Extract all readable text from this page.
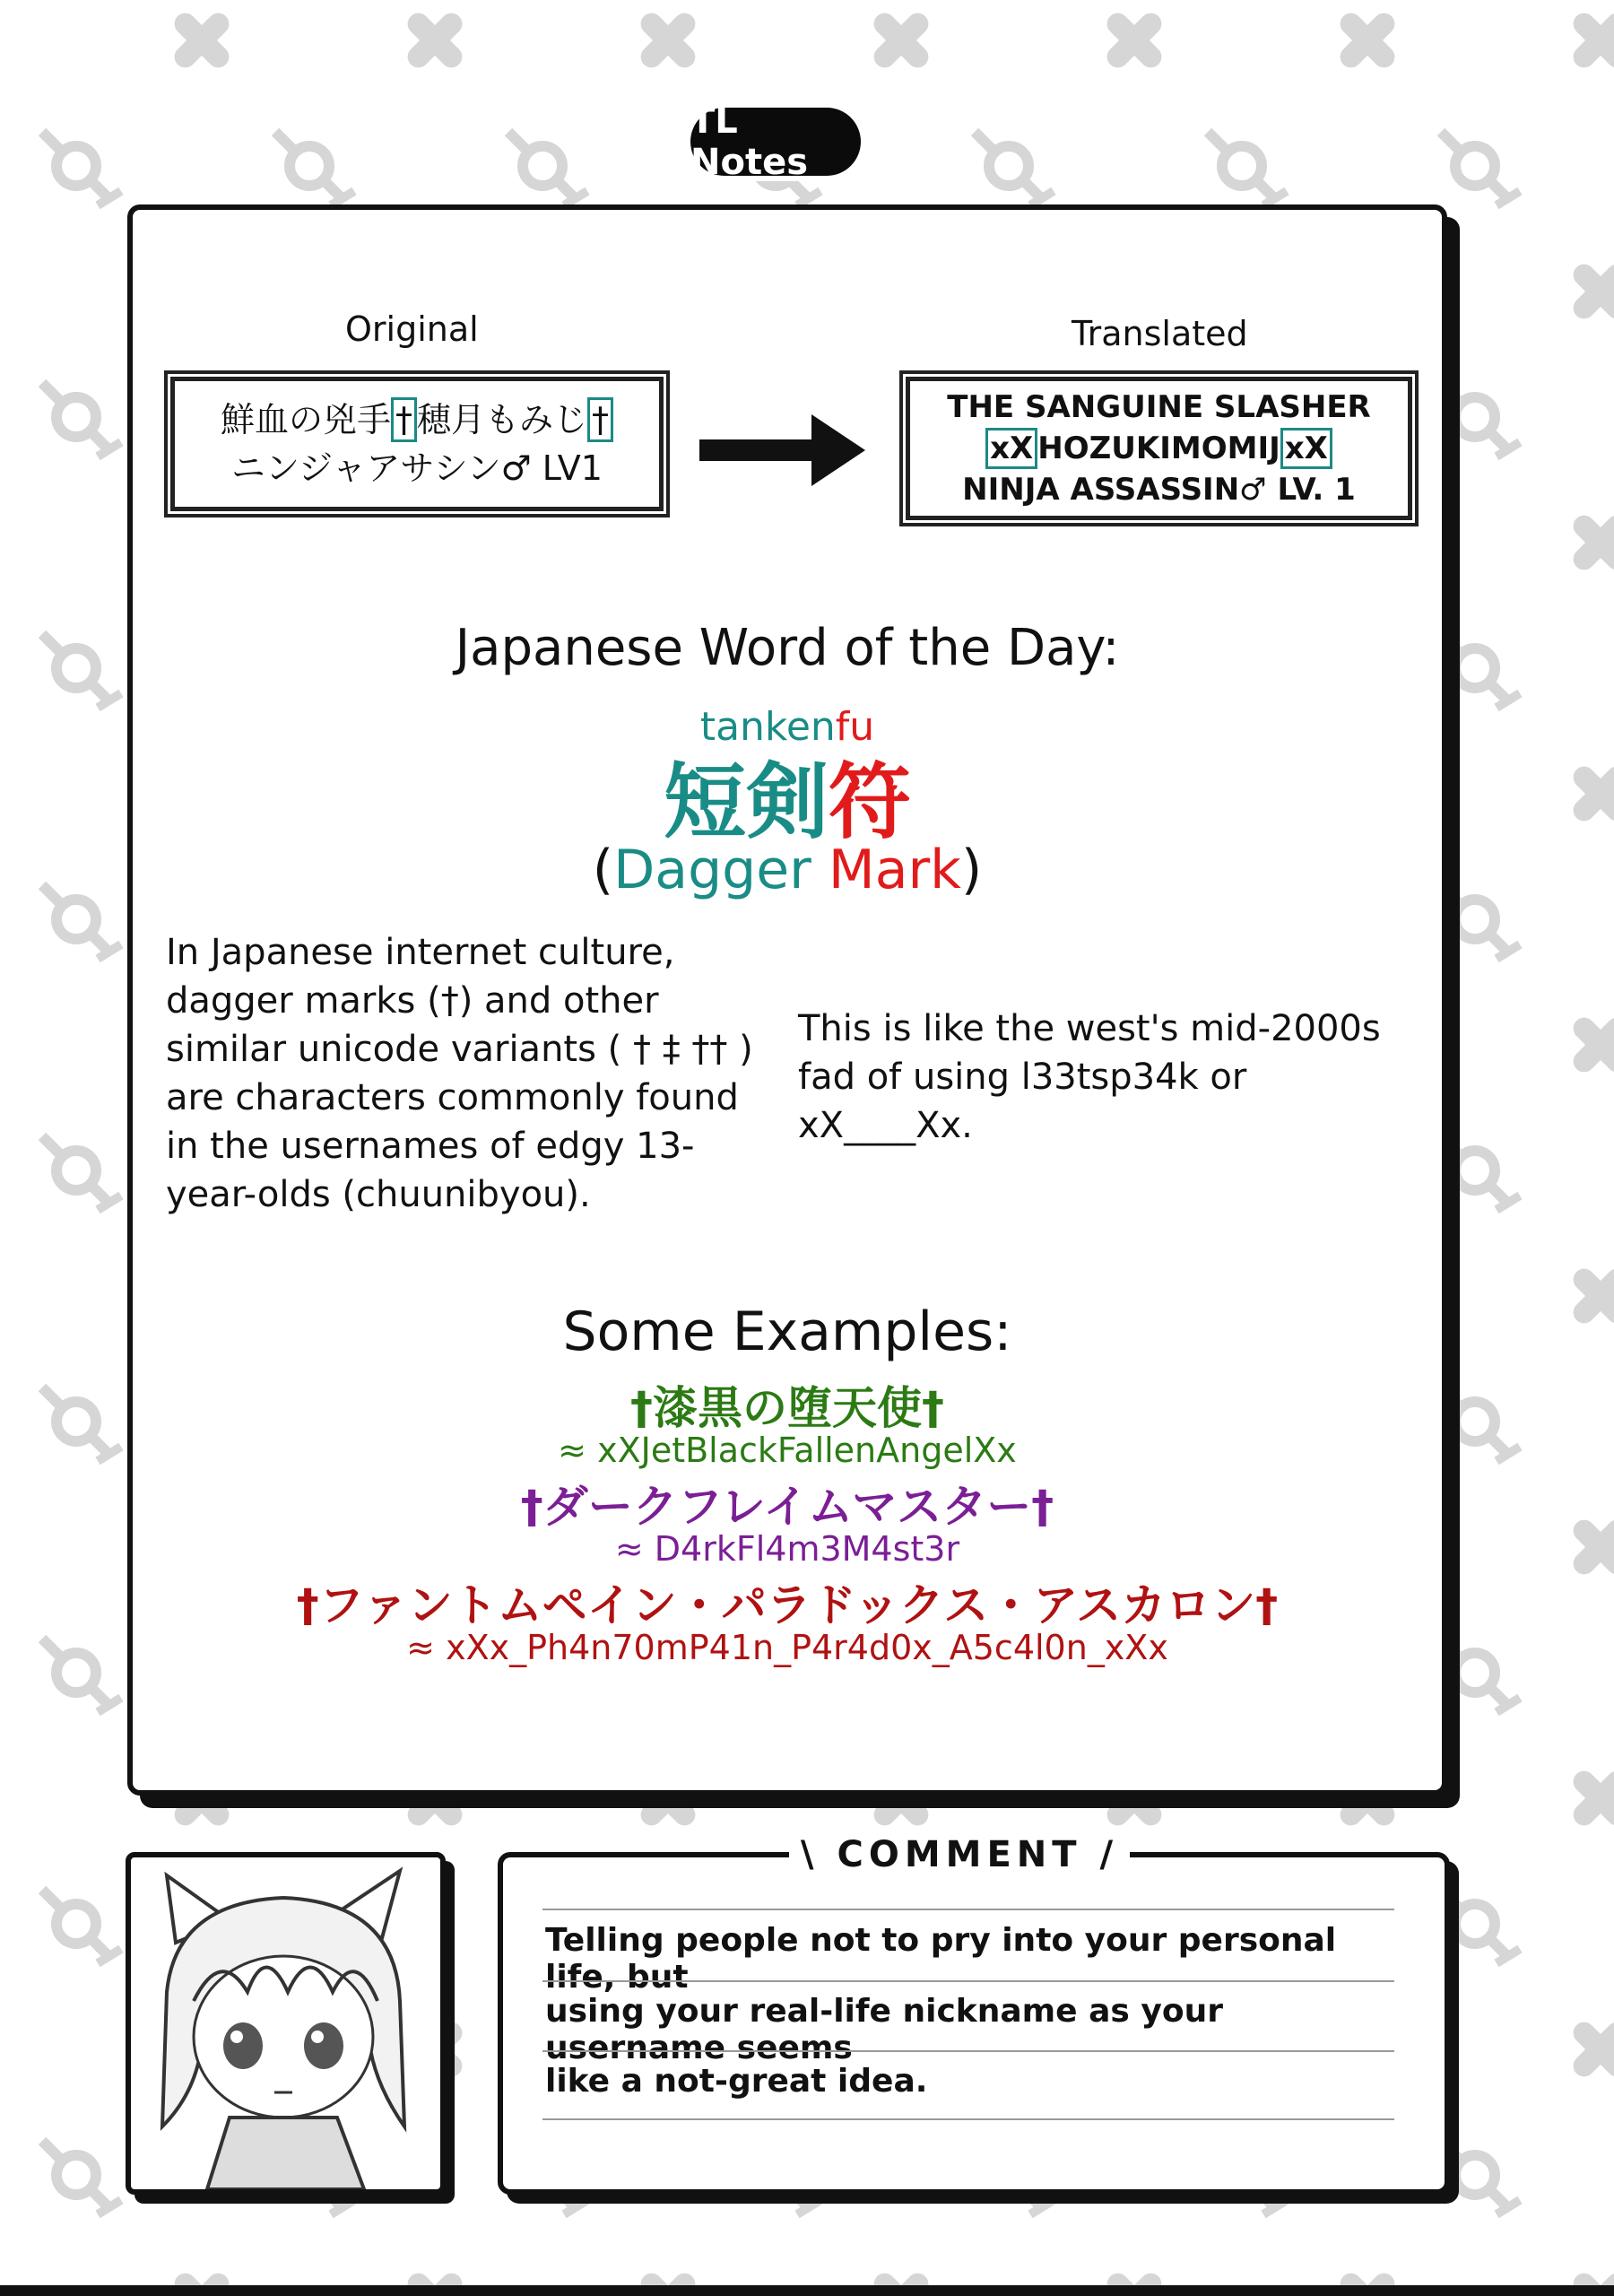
TL Notes
Original
鮮血の兇手 † 穂月もみじ †
ニンジャアサシン♂ LV1
Translated
THE SANGUINE SLASHER
xX HOZUKIMOMIJ xX
NINJA ASSASSIN♂ LV. 1
Japanese Word of the Day:
tankenfu
短剣符
(Dagger Mark)
In Japanese internet culture, dagger marks (†) and other similar unicode variants ( † ‡ †† ) are characters commonly found in the usernames of edgy 13-year-olds (chuunibyou).
This is like the west's mid-2000s fad of using l33tsp34k or xX____Xx.
Some Examples:
†漆黒の堕天使†
≈ xXJetBlackFallenAngelXx
†ダークフレイムマスター†
≈ D4rkFl4m3M4st3r
†ファントムペイン・パラドックス・アスカロン†
≈ xXx_Ph4n70mP41n_P4r4d0x_A5c4l0n_xXx
\ COMMENT /
Telling people not to pry into your personal life, but
using your real-life nickname as your username seems
like a not-great idea.
